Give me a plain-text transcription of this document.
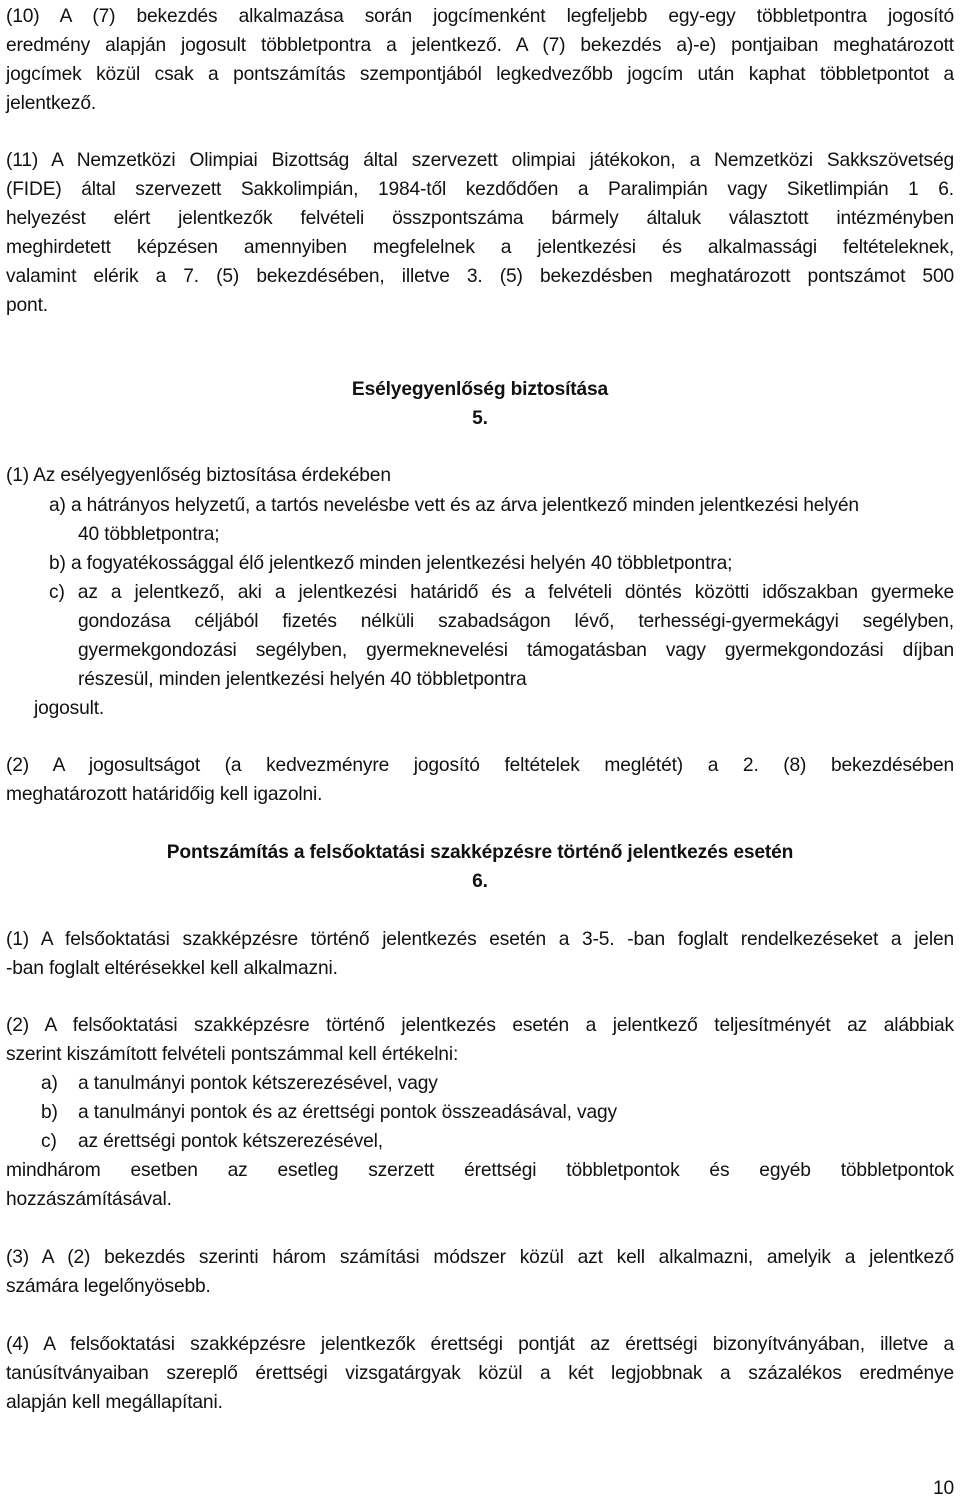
(10) A (7) bekezdés alkalmazása során jogcímenként legfeljebb egy-egy többletpontra jogosító

eredmény alapján jogosult többletpontra a jelentkező. A (7) bekezdés a)-e) pontjaiban meghatározott

jogcímek közül csak a pontszámítás szempontjából legkedvezőbb jogcím után kaphat többletpontot a

jelentkező.

(11) A Nemzetközi Olimpiai Bizottság által szervezett olimpiai játékokon, a Nemzetközi Sakkszövetség

(FIDE) által szervezett Sakkolimpián, 1984-től kezdődően a Paralimpián vagy Siketlimpián 1 6.

helyezést elért jelentkezők felvételi összpontszáma bármely általuk választott intézményben

meghirdetett képzésen amennyiben megfelelnek a jelentkezési és alkalmassági feltételeknek,

valamint elérik a 7. (5) bekezdésében, illetve 3. (5) bekezdésben meghatározott pontszámot 500

pont.

Esélyegyenlőség biztosítása
5.

(1) Az esélyegyenlőség biztosítása érdekében

a) a hátrányos helyzetű, a tartós nevelésbe vett és az árva jelentkező minden jelentkezési helyén

40 többletpontra;

b) a fogyatékossággal élő jelentkező minden jelentkezési helyén 40 többletpontra;

c) az a jelentkező, aki a jelentkezési határidő és a felvételi döntés közötti időszakban gyermeke

gondozása céljából fizetés nélküli szabadságon lévő, terhességi-gyermekágyi segélyben,

gyermekgondozási segélyben, gyermeknevelési támogatásban vagy gyermekgondozási díjban

részesül, minden jelentkezési helyén 40 többletpontra

jogosult.

(2) A jogosultságot (a kedvezményre jogosító feltételek meglétét) a 2. (8) bekezdésében

meghatározott határidőig kell igazolni.

Pontszámítás a felsőoktatási szakképzésre történő jelentkezés esetén
6.

(1) A felsőoktatási szakképzésre történő jelentkezés esetén a 3-5. -ban foglalt rendelkezéseket a jelen

-ban foglalt eltérésekkel kell alkalmazni.

(2) A felsőoktatási szakképzésre történő jelentkezés esetén a jelentkező teljesítményét az alábbiak

szerint kiszámított felvételi pontszámmal kell értékelni:

a)	a tanulmányi pontok kétszerezésével, vagy
b)	a tanulmányi pontok és az érettségi pontok összeadásával, vagy
c)	az érettségi pontok kétszerezésével,

mindhárom esetben az esetleg szerzett érettségi többletpontok és egyéb többletpontok

hozzászámításával.

(3) A (2) bekezdés szerinti három számítási módszer közül azt kell alkalmazni, amelyik a jelentkező

számára legelőnyösebb.

(4) A felsőoktatási szakképzésre jelentkezők érettségi pontját az érettségi bizonyítványában, illetve a

tanúsítványaiban szereplő érettségi vizsgatárgyak közül a két legjobbnak a százalékos eredménye

alapján kell megállapítani.

10
